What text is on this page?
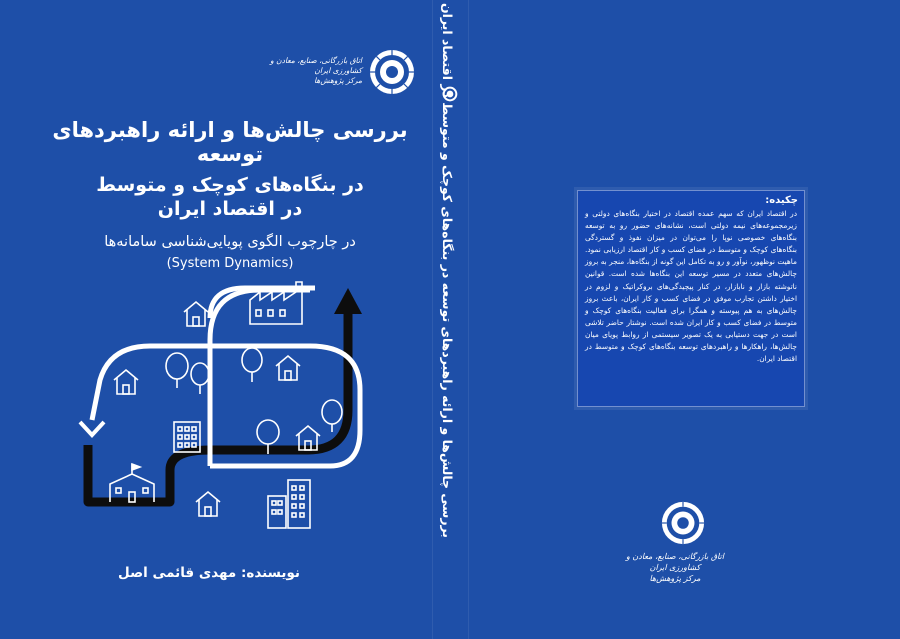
اتاق بازرگانی، صنایع، معادن و کشاورزی ایران
مرکز پژوهش‌ها

بررسی چالش‌ها و ارائه راهبردهای توسعه

در بنگاه‌های کوچک و متوسط

در اقتصاد ایران

در چارچوب الگوی پویایی‌شناسی سامانه‌ها

(System Dynamics)

نویسنده: مهدی قائمی اصل
بررسی چالش‌ها و ارائه راهبردهای توسعه در بنگاه‌های کوچک و متوسط در اقتصاد ایران	چکیده:

در اقتصاد ایران که سهم عمده اقتصاد در اختیار بنگاه‌های دولتی و زیرمجموعه‌های نیمه دولتی است، نشانه‌های حضور رو به توسعه بنگاه‌های خصوصی نوپا را می‌توان در میزان نفوذ و گستردگی بنگاه‌های کوچک و متوسط در فضای کسب و کار اقتصاد ارزیابی نمود. ماهیت نوظهور، نوآور و رو به تکامل این گونه از بنگاه‌ها، منجر به بروز چالش‌های متعدد در مسیر توسعه این بنگاه‌ها شده است. قوانین ناتوشته بازار و نابازار، در کنار پیچیدگی‌های بروکراتیک و لزوم در اختیار داشتن تجارب موفق در فضای کسب و کار ایران، باعث بروز چالش‌های به هم پیوسته و همگرا برای فعالیت بنگاه‌های کوچک و متوسط در فضای کسب و کار ایران شده است. نوشتار حاضر تلاشی است در جهت دستیابی به یک تصویر سیستمی از روابط پویای میان چالش‌ها، راهکارها و راهبردهای توسعه بنگاه‌های کوچک و متوسط در اقتصاد ایران.

اتاق بازرگانی، صنایع، معادن و کشاورزی ایران
مرکز پژوهش‌ها
